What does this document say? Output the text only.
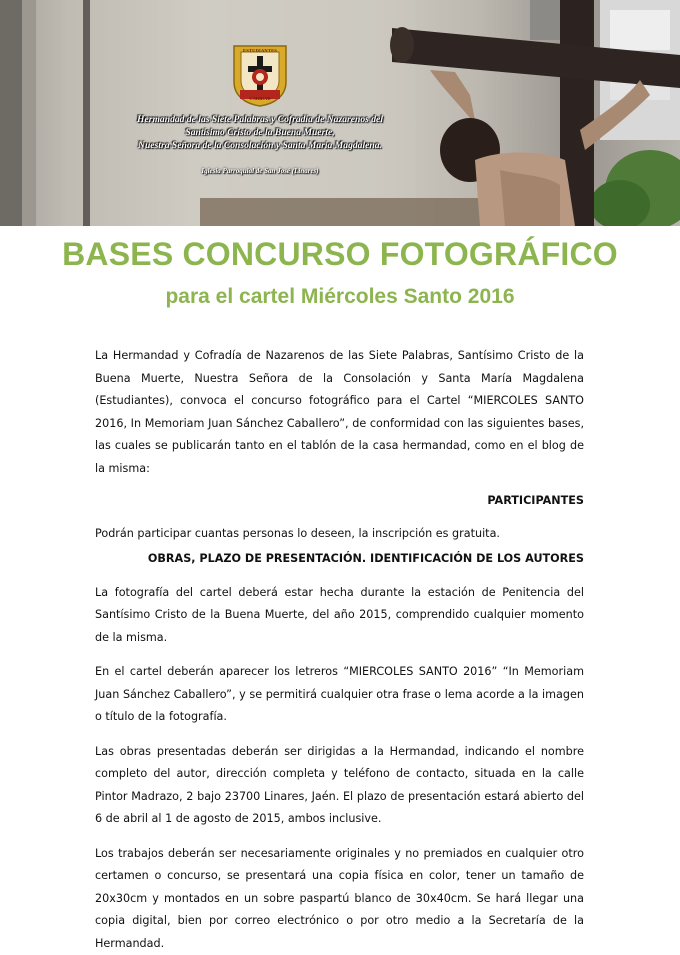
ESTUDIANTES
CARIDAD
Hermandad de las Siete Palabras y Cofradía de Nazarenos del
Santísimo Cristo de la Buena Muerte,
Nuestra Señora de la Consolación y Santa María Magdalena.
Iglesia Parroquial de San José (Linares)
BASES CONCURSO FOTOGRÁFICO
para el cartel Miércoles Santo 2016

La Hermandad y Cofradía de Nazarenos de las Siete Palabras, Santísimo Cristo de la Buena Muerte, Nuestra Señora de la Consolación y Santa María Magdalena (Estudiantes), convoca el concurso fotográfico para el Cartel “MIERCOLES SANTO 2016, In Memoriam Juan Sánchez Caballero”, de conformidad con las siguientes bases, las cuales se publicarán tanto en el tablón de la casa hermandad, como en el blog de la misma:

PARTICIPANTES

Podrán participar cuantas personas lo deseen, la inscripción es gratuita.

OBRAS, PLAZO DE PRESENTACIÓN. IDENTIFICACIÓN DE LOS AUTORES

La fotografía del cartel deberá estar hecha durante la estación de Penitencia del Santísimo Cristo de la Buena Muerte, del año 2015, comprendido cualquier momento de la misma.

En el cartel deberán aparecer los letreros “MIERCOLES SANTO 2016” “In Memoriam Juan Sánchez Caballero”, y se permitirá cualquier otra frase o lema acorde a la imagen o título de la fotografía.

Las obras presentadas deberán ser dirigidas a la Hermandad, indicando el nombre completo del autor, dirección completa y teléfono de contacto, situada en la calle Pintor Madrazo, 2 bajo 23700 Linares, Jaén. El plazo de presentación estará abierto del 6 de abril al 1 de agosto de 2015, ambos inclusive.

Los trabajos deberán ser necesariamente originales y no premiados en cualquier otro certamen o concurso, se presentará una copia física en color, tener un tamaño de 20x30cm y montados en un sobre paspartú blanco de 30x40cm. Se hará llegar una copia digital, bien por correo electrónico o por otro medio a la Secretaría de la Hermandad.
